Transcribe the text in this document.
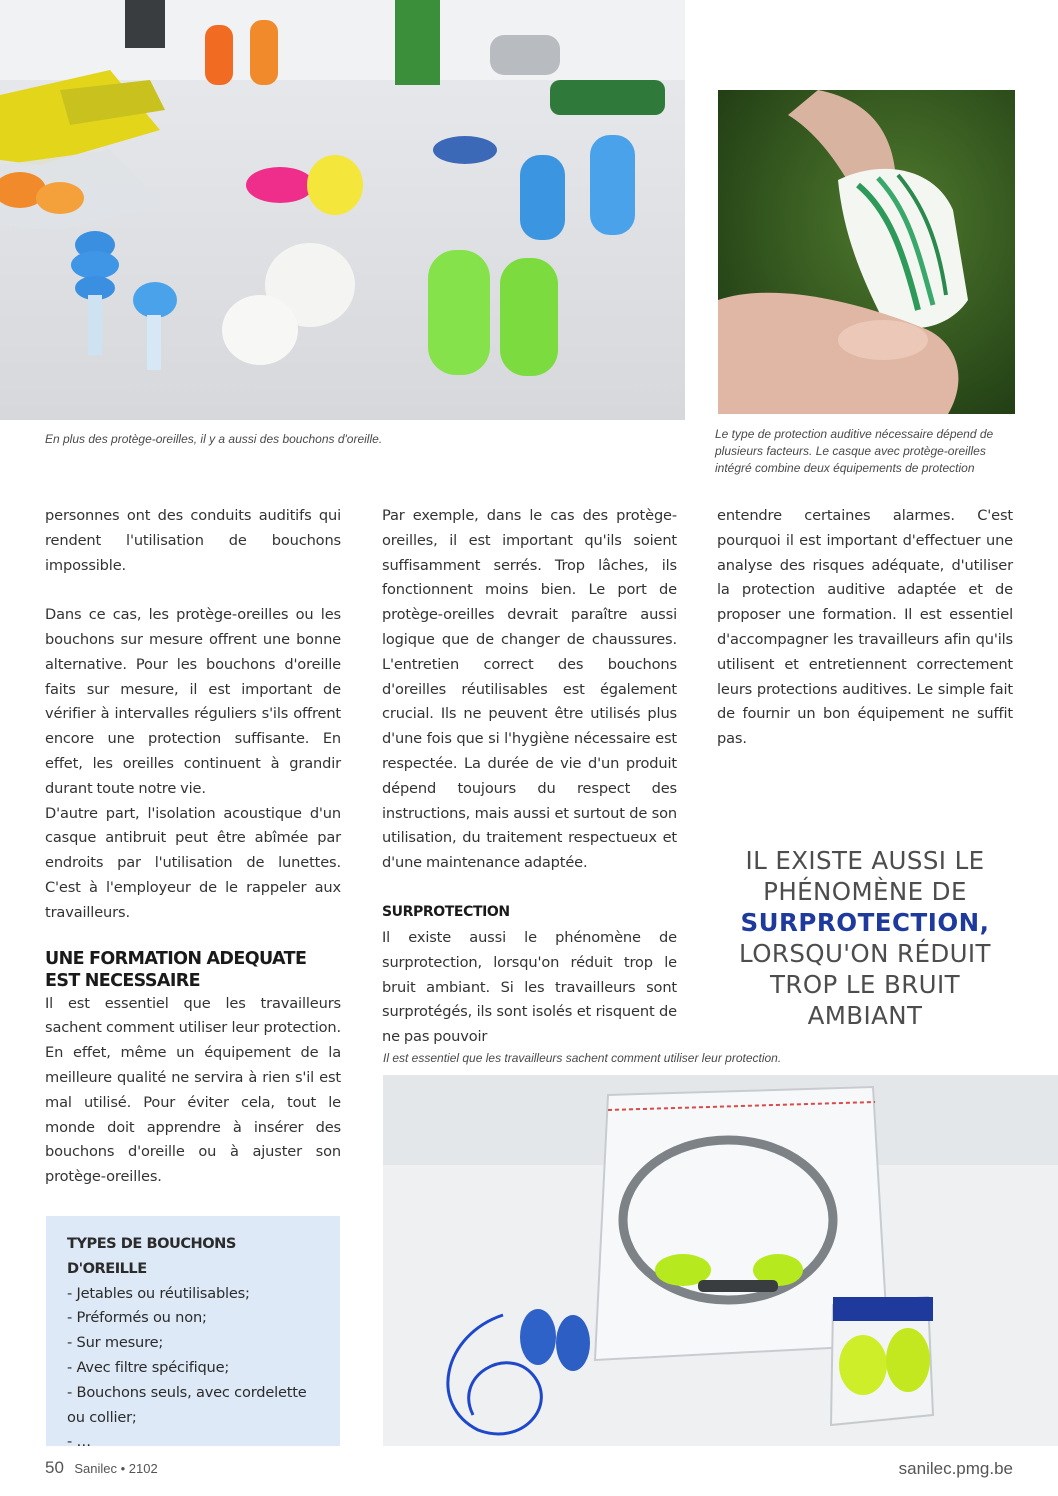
En plus des protège-oreilles, il y a aussi des bouchons d'oreille.	Le type de protection auditive nécessaire dépend de plusieurs facteurs. Le casque avec protège-oreilles intégré combine deux équipements de protection
Il est essentiel que les travailleurs sachent comment utiliser leur protection.

personnes ont des conduits auditifs qui rendent l'utilisation de bouchons impossible.

Dans ce cas, les protège-oreilles ou les bouchons sur mesure offrent une bonne alternative. Pour les bouchons d'oreille faits sur mesure, il est important de vérifier à intervalles réguliers s'ils offrent encore une protection suffisante. En effet, les oreilles continuent à grandir durant toute notre vie.

D'autre part, l'isolation acoustique d'un casque antibruit peut être abîmée par endroits par l'utilisation de lunettes. C'est à l'employeur de le rappeler aux travailleurs.

UNE FORMATION ADEQUATE EST NECESSAIRE

Il est essentiel que les travailleurs sachent comment utiliser leur protection. En effet, même un équipement de la meilleure qualité ne servira à rien s'il est mal utilisé. Pour éviter cela, tout le monde doit apprendre à insérer des bouchons d'oreille ou à ajuster son protège-oreilles.

TYPES DE BOUCHONS D'OREILLE
- Jetables ou réutilisables;
- Préformés ou non;
- Sur mesure;
- Avec filtre spécifique;
- Bouchons seuls, avec cordelette ou collier;
- …

Par exemple, dans le cas des protège-oreilles, il est important qu'ils soient suffisamment serrés. Trop lâches, ils fonctionnent moins bien. Le port de protège-oreilles devrait paraître aussi logique que de changer de chaussures. L'entretien correct des bouchons d'oreilles réutilisables est également crucial. Ils ne peuvent être utilisés plus d'une fois que si l'hygiène nécessaire est respectée. La durée de vie d'un produit dépend toujours du respect des instructions, mais aussi et surtout de son utilisation, du traitement respectueux et d'une maintenance adaptée.

SURPROTECTION

Il existe aussi le phénomène de surprotection, lorsqu'on réduit trop le bruit ambiant. Si les travailleurs sont surprotégés, ils sont isolés et risquent de ne pas pouvoir

entendre certaines alarmes. C'est pourquoi il est important d'effectuer une analyse des risques adéquate, d'utiliser la protection auditive adaptée et de proposer une formation. Il est essentiel d'accompagner les travailleurs afin qu'ils utilisent et entretiennent correctement leurs protections auditives. Le simple fait de fournir un bon équipement ne suffit pas.

IL EXISTE AUSSI LE
PHÉNOMÈNE DE
SURPROTECTION,
LORSQU'ON RÉDUIT
TROP LE BRUIT AMBIANT
50 Sanilec • 2102	sanilec.pmg.be
